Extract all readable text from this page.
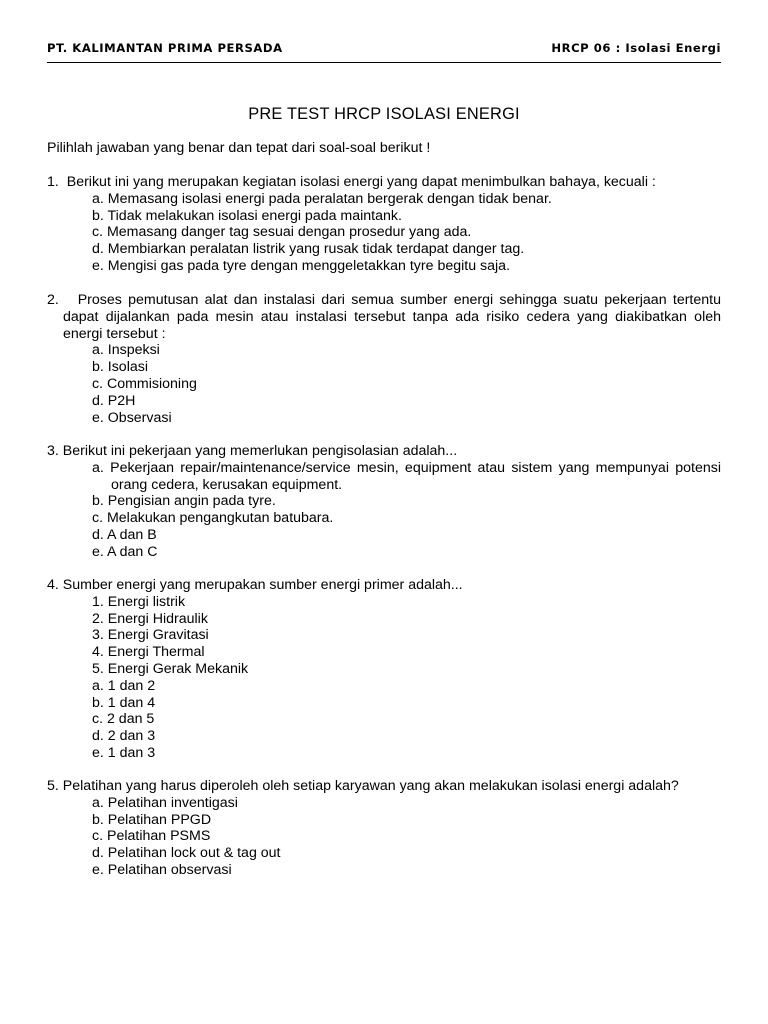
PT. KALIMANTAN PRIMA PERSADA	HRCP 06 : Isolasi Energi
PRE TEST HRCP ISOLASI ENERGI
Pilihlah jawaban yang benar dan tepat dari soal-soal berikut !

1. Berikut ini yang merupakan kegiatan isolasi energi yang dapat menimbulkan bahaya, kecuali :

a. Memasang isolasi energi pada peralatan bergerak dengan tidak benar.
b. Tidak melakukan isolasi energi pada maintank.
c. Memasang danger tag sesuai dengan prosedur yang ada.
d. Membiarkan peralatan listrik yang rusak tidak terdapat danger tag.
e. Mengisi gas pada tyre dengan menggeletakkan tyre begitu saja.

2. Proses pemutusan alat dan instalasi dari semua sumber energi sehingga suatu pekerjaan tertentu dapat dijalankan pada mesin atau instalasi tersebut tanpa ada risiko cedera yang diakibatkan oleh energi tersebut :

a. Inspeksi
b. Isolasi
c. Commisioning
d. P2H
e. Observasi

3. Berikut ini pekerjaan yang memerlukan pengisolasian adalah...

a. Pekerjaan repair/maintenance/service mesin, equipment atau sistem yang mempunyai potensi orang cedera, kerusakan equipment.
b. Pengisian angin pada tyre.
c. Melakukan pengangkutan batubara.
d. A dan B
e. A dan C

4. Sumber energi yang merupakan sumber energi primer adalah...

1. Energi listrik
2. Energi Hidraulik
3. Energi Gravitasi
4. Energi Thermal
5. Energi Gerak Mekanik
a. 1 dan 2
b. 1 dan 4
c. 2 dan 5
d. 2 dan 3
e. 1 dan 3

5. Pelatihan yang harus diperoleh oleh setiap karyawan yang akan melakukan isolasi energi adalah?

a. Pelatihan inventigasi
b. Pelatihan PPGD
c. Pelatihan PSMS
d. Pelatihan lock out & tag out
e. Pelatihan observasi
